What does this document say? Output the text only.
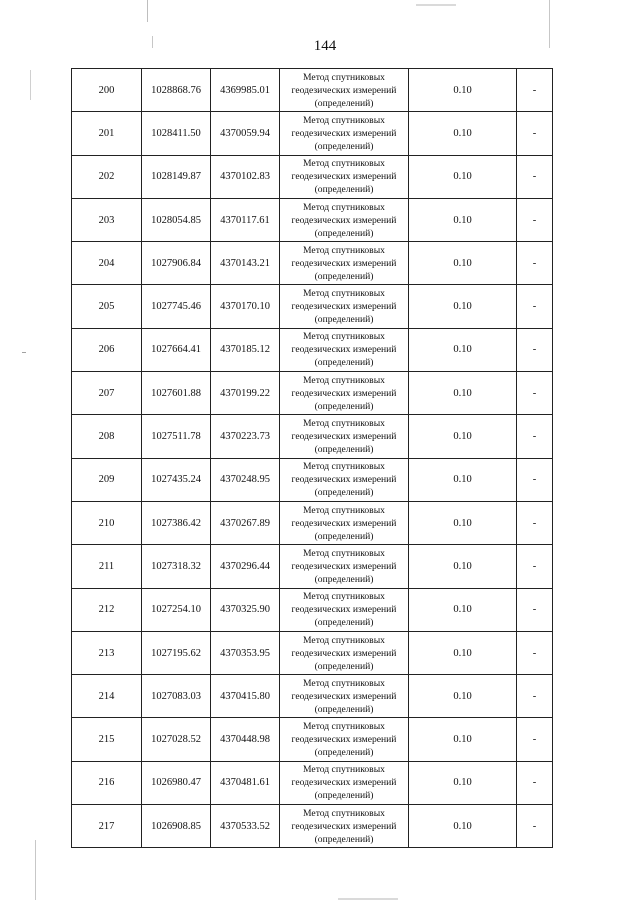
144
200	1028868.76	4369985.01	Метод спутниковых
геодезических измерений
(определений)	0.10	-
201	1028411.50	4370059.94	Метод спутниковых
геодезических измерений
(определений)	0.10	-
202	1028149.87	4370102.83	Метод спутниковых
геодезических измерений
(определений)	0.10	-
203	1028054.85	4370117.61	Метод спутниковых
геодезических измерений
(определений)	0.10	-
204	1027906.84	4370143.21	Метод спутниковых
геодезических измерений
(определений)	0.10	-
205	1027745.46	4370170.10	Метод спутниковых
геодезических измерений
(определений)	0.10	-
206	1027664.41	4370185.12	Метод спутниковых
геодезических измерений
(определений)	0.10	-
207	1027601.88	4370199.22	Метод спутниковых
геодезических измерений
(определений)	0.10	-
208	1027511.78	4370223.73	Метод спутниковых
геодезических измерений
(определений)	0.10	-
209	1027435.24	4370248.95	Метод спутниковых
геодезических измерений
(определений)	0.10	-
210	1027386.42	4370267.89	Метод спутниковых
геодезических измерений
(определений)	0.10	-
211	1027318.32	4370296.44	Метод спутниковых
геодезических измерений
(определений)	0.10	-
212	1027254.10	4370325.90	Метод спутниковых
геодезических измерений
(определений)	0.10	-
213	1027195.62	4370353.95	Метод спутниковых
геодезических измерений
(определений)	0.10	-
214	1027083.03	4370415.80	Метод спутниковых
геодезических измерений
(определений)	0.10	-
215	1027028.52	4370448.98	Метод спутниковых
геодезических измерений
(определений)	0.10	-
216	1026980.47	4370481.61	Метод спутниковых
геодезических измерений
(определений)	0.10	-
217	1026908.85	4370533.52	Метод спутниковых
геодезических измерений
(определений)	0.10	-
